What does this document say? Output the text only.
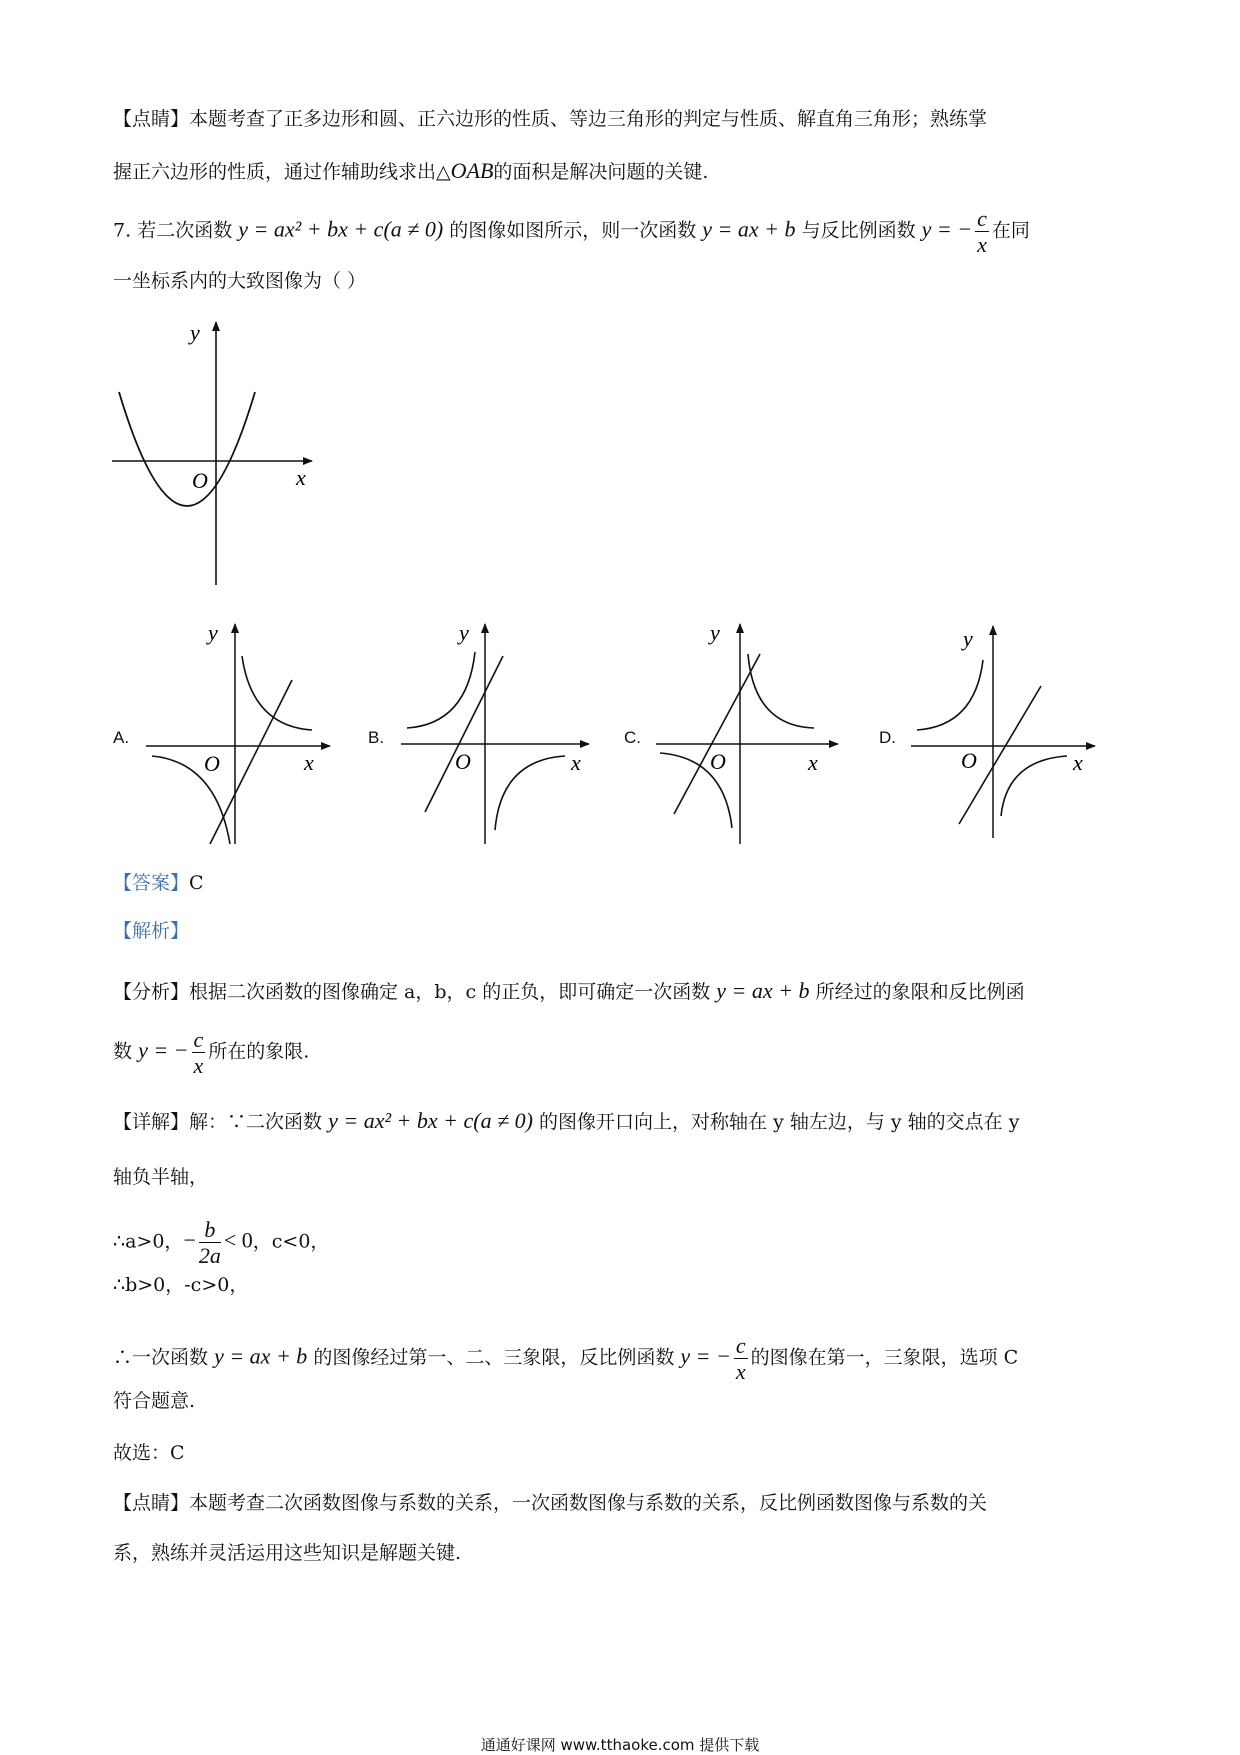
【点睛】本题考查了正多边形和圆、正六边形的性质、等边三角形的判定与性质、解直角三角形；熟练掌
握正六边形的性质，通过作辅助线求出△OAB的面积是解决问题的关键.
7. 若二次函数 y = ax² + bx + c(a ≠ 0) 的图像如图所示，则一次函数 y = ax + b 与反比例函数 y = − $\frac{c}{x}$ 在同
一坐标系内的大致图像为（ ）
y
x
O
A.	B.	C.	D.
y
x
O
y
x
O
y
x
O
y
x
O
【答案】C
【解析】
【分析】根据二次函数的图像确定 a，b，c 的正负，即可确定一次函数 y = ax + b 所经过的象限和反比例函
数 y = − $\frac{c}{x}$ 所在的象限.
【详解】解：∵二次函数 y = ax² + bx + c(a ≠ 0) 的图像开口向上，对称轴在 y 轴左边，与 y 轴的交点在 y
轴负半轴，
∴a>0，− $\frac{b}{2a} < 0$，c<0，
∴b>0，-c>0，
∴一次函数 y = ax + b 的图像经过第一、二、三象限，反比例函数 y = − $\frac{c}{x}$ 的图像在第一，三象限，选项 C
符合题意.
故选：C
【点睛】本题考查二次函数图像与系数的关系，一次函数图像与系数的关系，反比例函数图像与系数的关
系，熟练并灵活运用这些知识是解题关键.
通通好课网 www.tthaoke.com 提供下载
